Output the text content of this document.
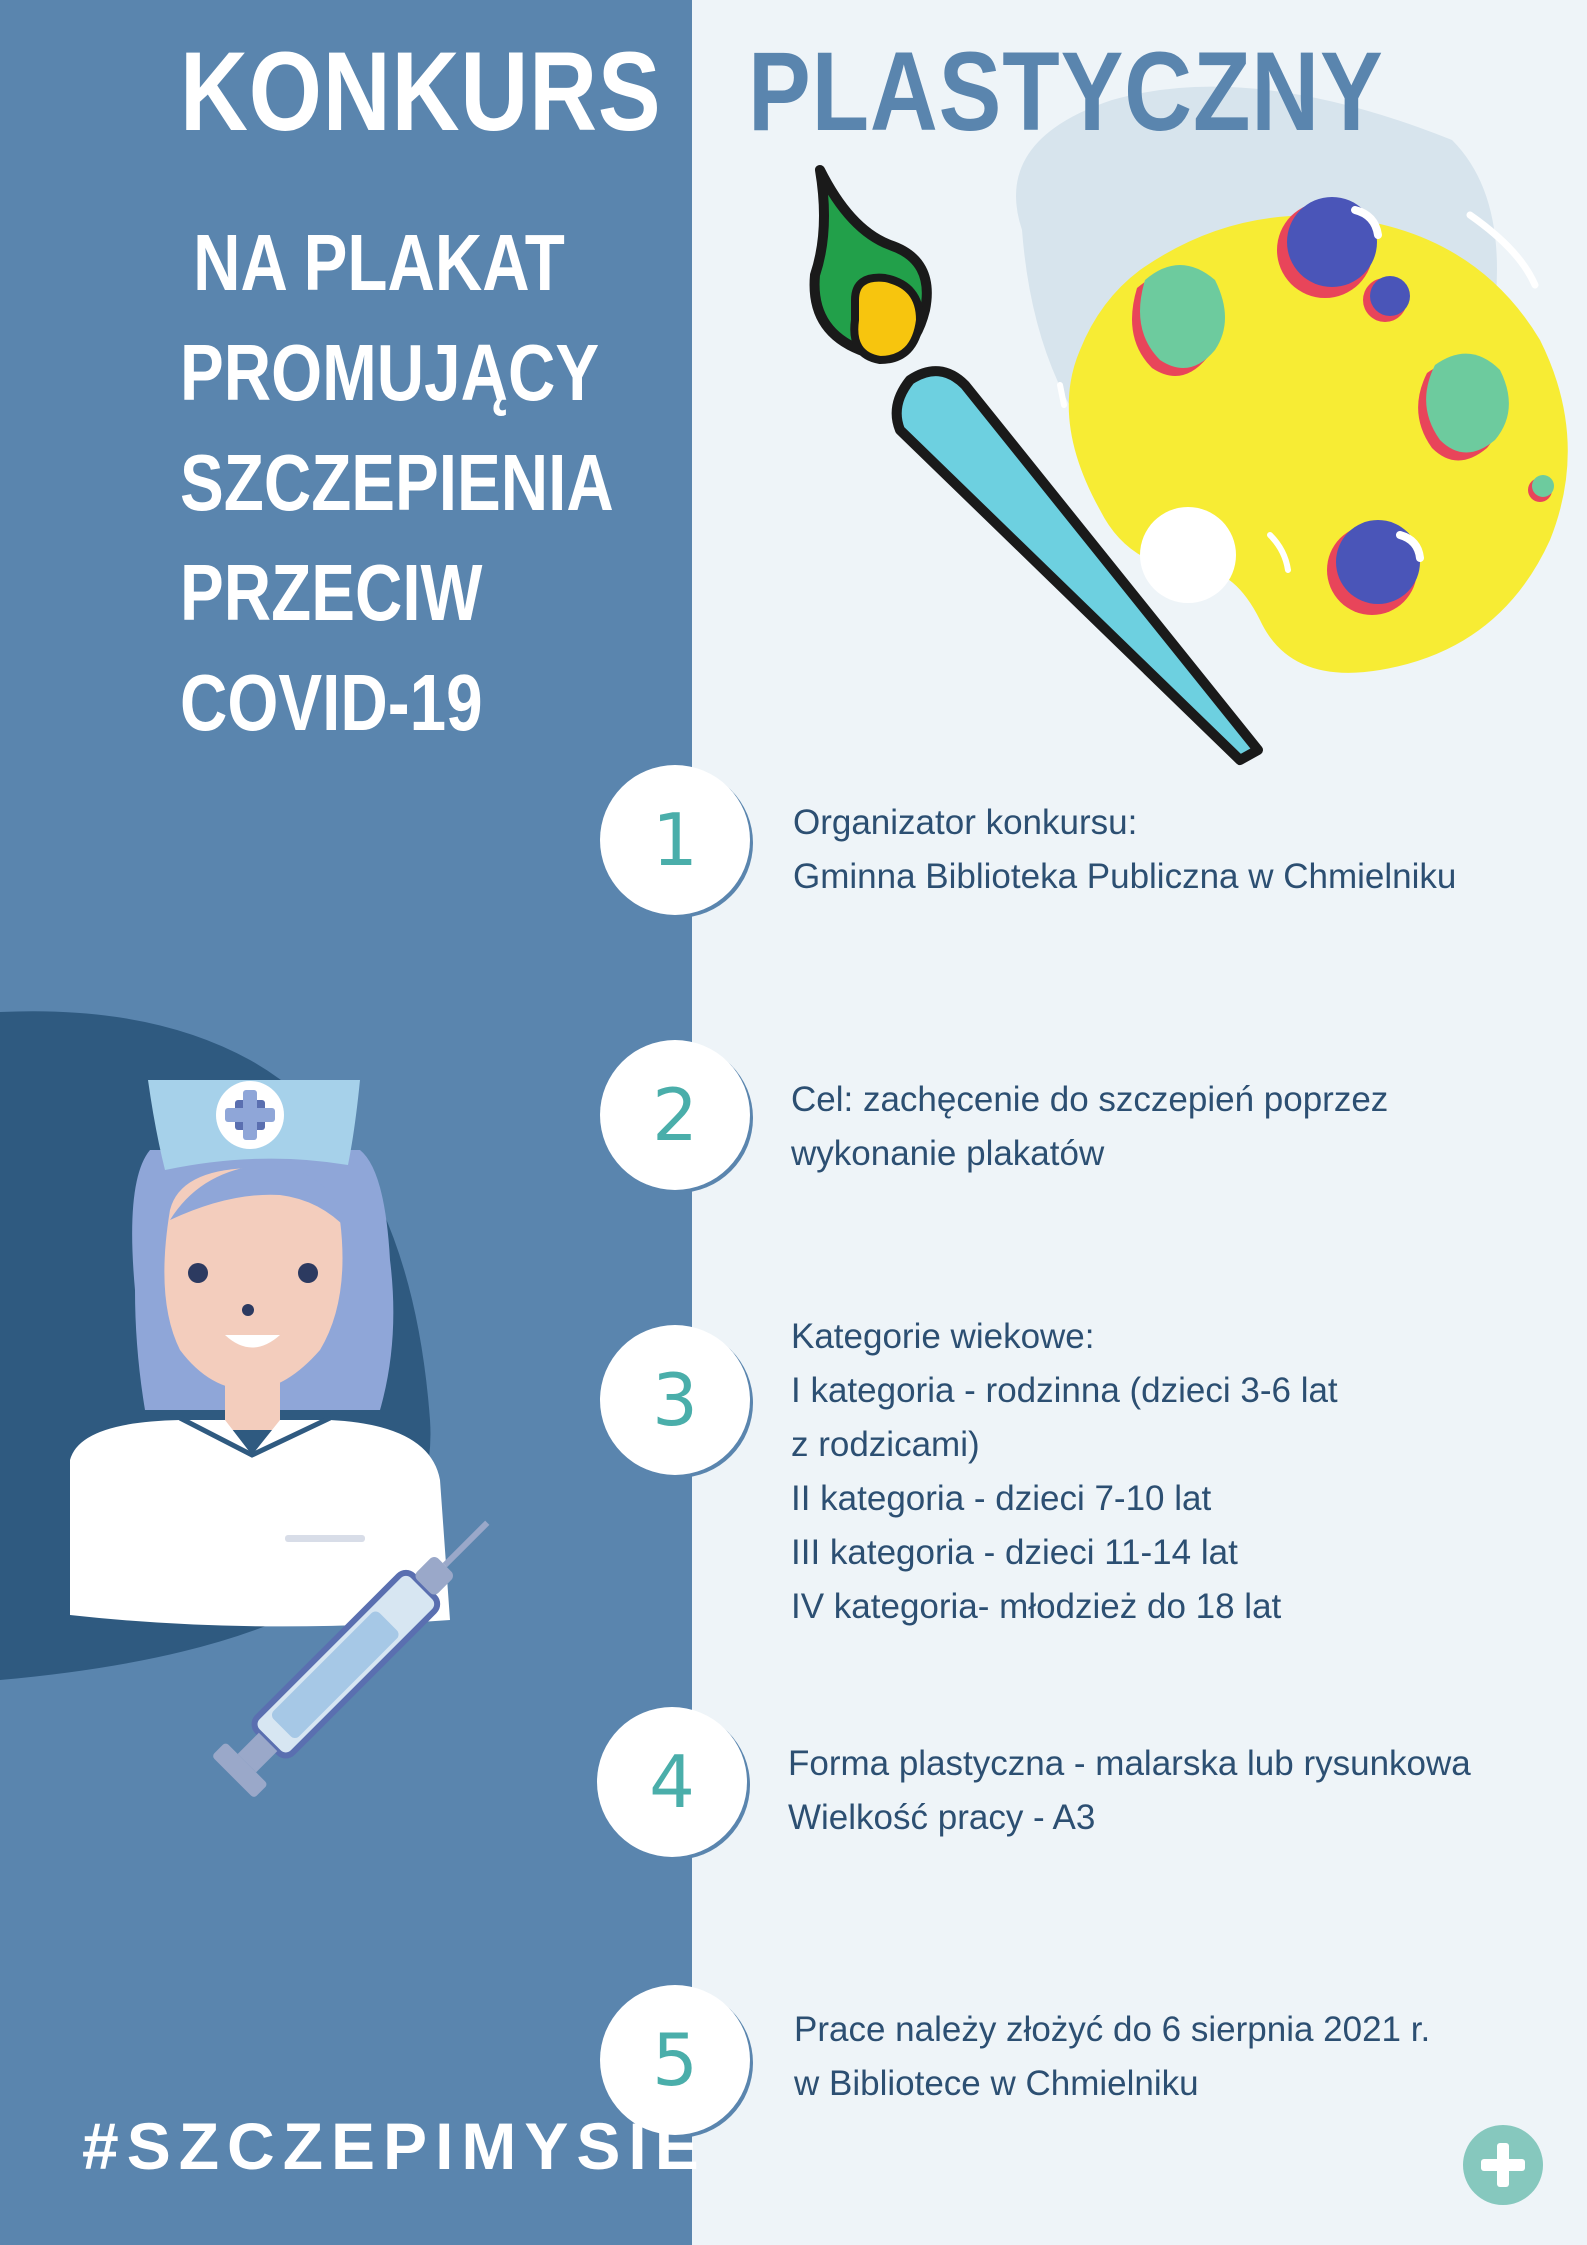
KONKURS PLASTYCZNY
NA PLAKAT
PROMUJĄCY
SZCZEPIENIA
PRZECIW
COVID-19
1	Organizator konkursu:
Gminna Biblioteka Publiczna w Chmielniku
2	Cel: zachęcenie do szczepień poprzez
wykonanie plakatów
3
Kategorie wiekowe:
I kategoria - rodzinna (dzieci 3-6 lat
z rodzicami)
II kategoria - dzieci 7-10 lat
III kategoria - dzieci 11-14 lat
IV kategoria- młodzież do 18 lat
4	Forma plastyczna - malarska lub rysunkowa
Wielkość pracy - A3
5	Prace należy złożyć do 6 sierpnia 2021 r.
w Bibliotece w Chmielniku
#SZCZEPIMYSIE
